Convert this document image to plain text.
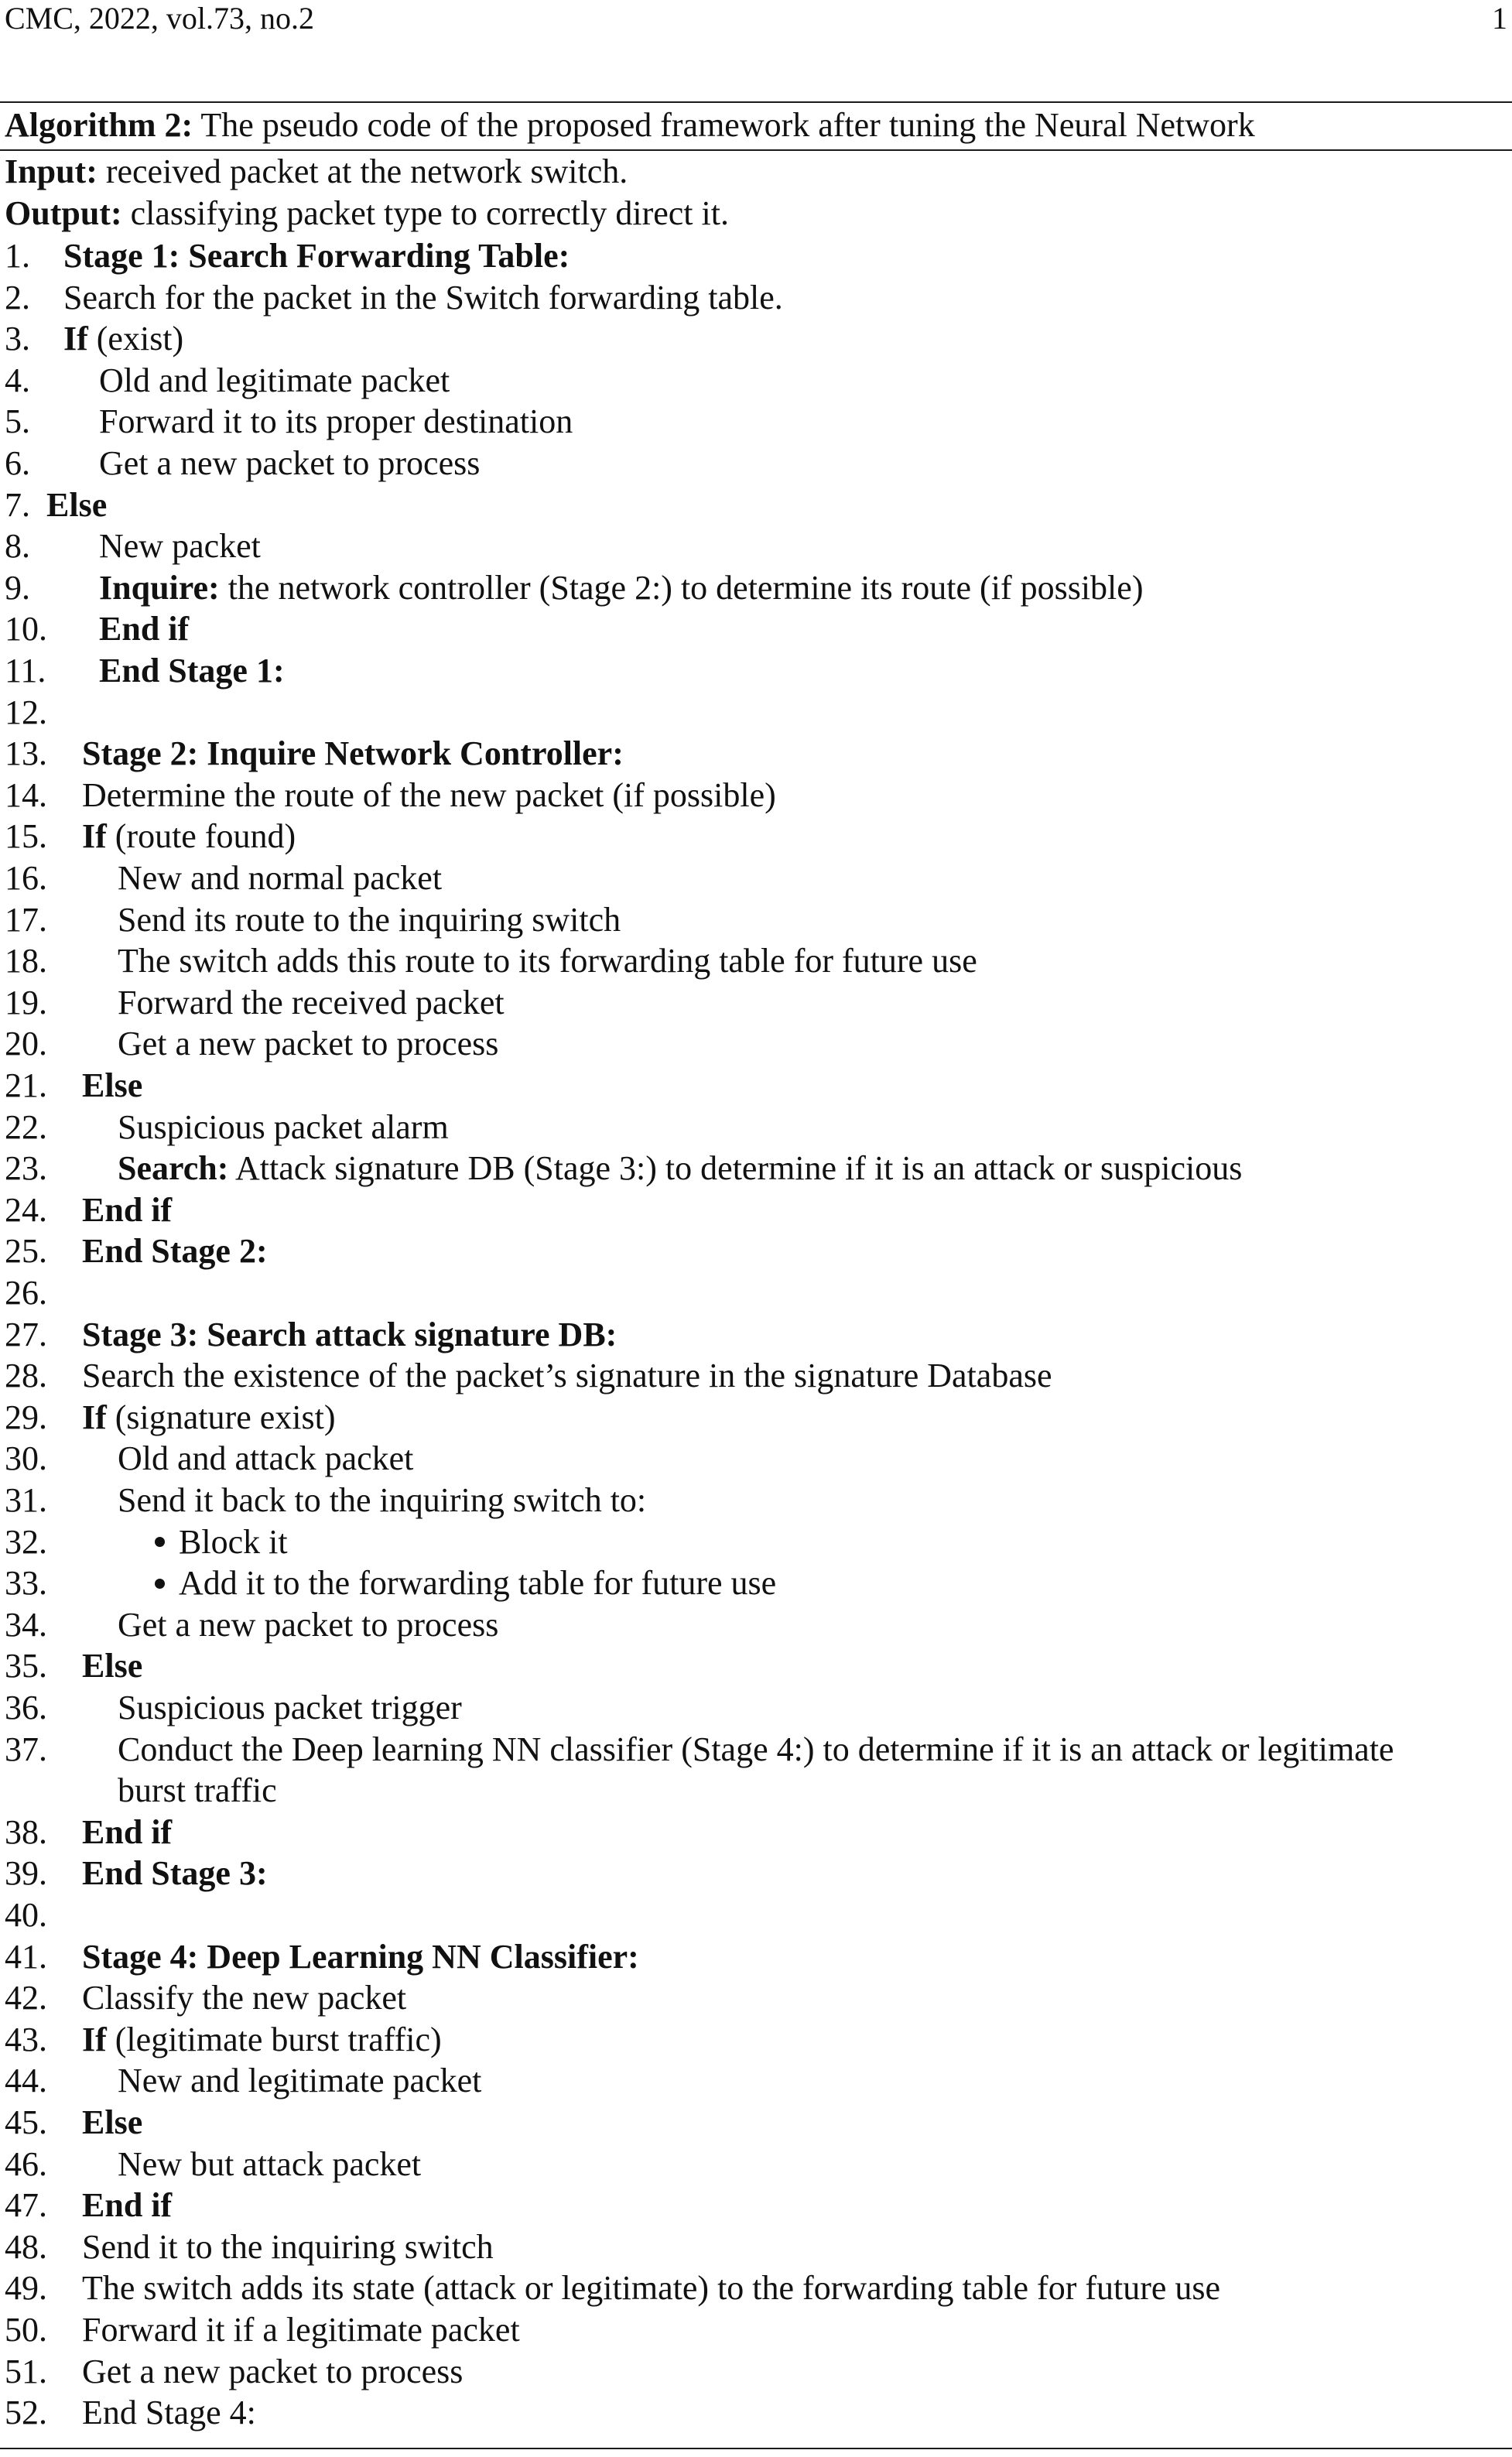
CMC, 2022, vol.73, no.2	1
Algorithm 2: The pseudo code of the proposed framework after tuning the Neural Network
Input: received packet at the network switch.
Output: classifying packet type to correctly direct it.
1. Stage 1: Search Forwarding Table:
2. Search for the packet in the Switch forwarding table.
3. If (exist)
4. Old and legitimate packet
5. Forward it to its proper destination
6. Get a new packet to process
7. Else
8. New packet
9. Inquire: the network controller (Stage 2:) to determine its route (if possible)
10. End if
11. End Stage 1:
12.
13. Stage 2: Inquire Network Controller:
14. Determine the route of the new packet (if possible)
15. If (route found)
16. New and normal packet
17. Send its route to the inquiring switch
18. The switch adds this route to its forwarding table for future use
19. Forward the received packet
20. Get a new packet to process
21. Else
22. Suspicious packet alarm
23. Search: Attack signature DB (Stage 3:) to determine if it is an attack or suspicious
24. End if
25. End Stage 2:
26.
27. Stage 3: Search attack signature DB:
28. Search the existence of the packet’s signature in the signature Database
29. If (signature exist)
30. Old and attack packet
31. Send it back to the inquiring switch to:
32.	Block it
33.	Add it to the forwarding table for future use
34. Get a new packet to process
35. Else
36. Suspicious packet trigger
37. Conduct the Deep learning NN classifier (Stage 4:) to determine if it is an attack or legitimate
burst traffic
38. End if
39. End Stage 3:
40.
41. Stage 4: Deep Learning NN Classifier:
42. Classify the new packet
43. If (legitimate burst traffic)
44. New and legitimate packet
45. Else
46. New but attack packet
47. End if
48. Send it to the inquiring switch
49. The switch adds its state (attack or legitimate) to the forwarding table for future use
50. Forward it if a legitimate packet
51. Get a new packet to process
52. End Stage 4:
